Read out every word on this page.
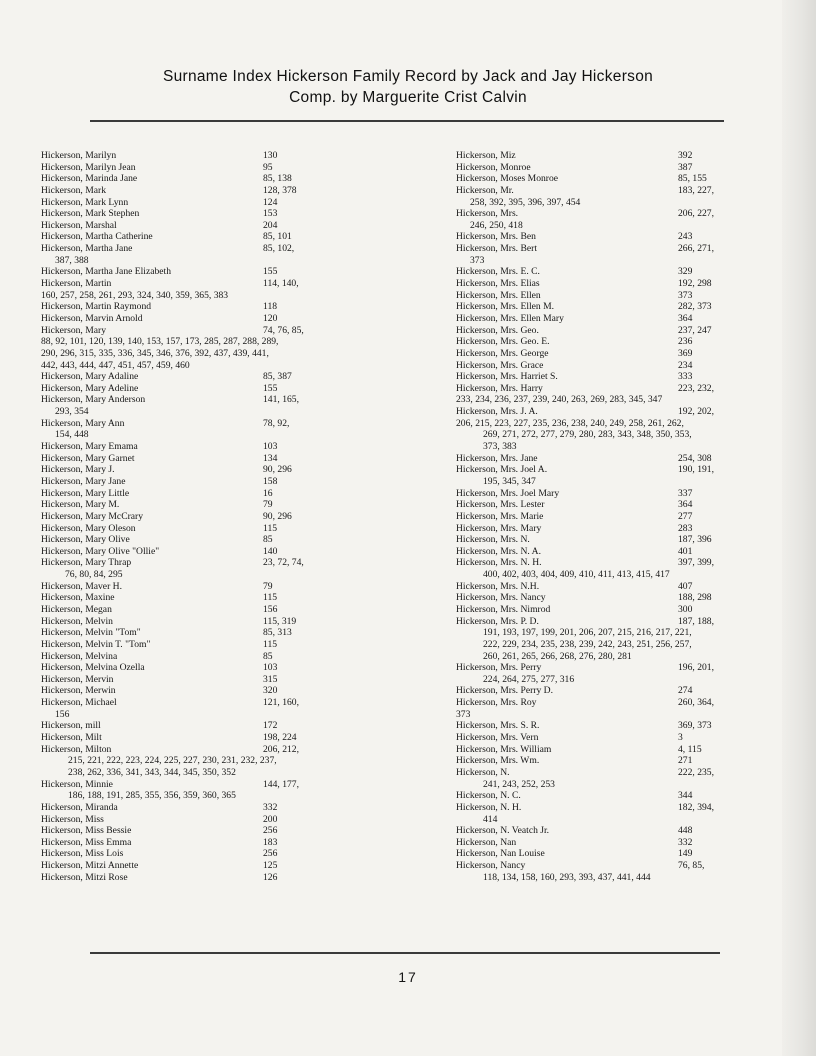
Surname Index Hickerson Family Record by Jack and Jay Hickerson
Comp. by Marguerite Crist Calvin
Hickerson, Marilyn	130
Hickerson, Marilyn Jean	95
Hickerson, Marinda Jane	85, 138
Hickerson, Mark	128, 378
Hickerson, Mark Lynn	124
Hickerson, Mark Stephen	153
Hickerson, Marshal	204
Hickerson, Martha Catherine	85, 101
Hickerson, Martha Jane	85, 102,
387, 388
Hickerson, Martha Jane Elizabeth	155
Hickerson, Martin	114, 140,
160, 257, 258, 261, 293, 324, 340, 359, 365, 383
Hickerson, Martin Raymond	118
Hickerson, Marvin Arnold	120
Hickerson, Mary	74, 76, 85,
88, 92, 101, 120, 139, 140, 153, 157, 173, 285, 287, 288, 289,
290, 296, 315, 335, 336, 345, 346, 376, 392, 437, 439, 441,
442, 443, 444, 447, 451, 457, 459, 460
Hickerson, Mary Adaline	85, 387
Hickerson, Mary Adeline	155
Hickerson, Mary Anderson	141, 165,
293, 354
Hickerson, Mary Ann	78, 92,
154, 448
Hickerson, Mary Emama	103
Hickerson, Mary Garnet	134
Hickerson, Mary J.	90, 296
Hickerson, Mary Jane	158
Hickerson, Mary Little	16
Hickerson, Mary M.	79
Hickerson, Mary McCrary	90, 296
Hickerson, Mary Oleson	115
Hickerson, Mary Olive	85
Hickerson, Mary Olive "Ollie"	140
Hickerson, Mary Thrap	23, 72, 74,
76, 80, 84, 295
Hickerson, Maver H.	79
Hickerson, Maxine	115
Hickerson, Megan	156
Hickerson, Melvin	115, 319
Hickerson, Melvin "Tom"	85, 313
Hickerson, Melvin T. "Tom"	115
Hickerson, Melvina	85
Hickerson, Melvina Ozella	103
Hickerson, Mervin	315
Hickerson, Merwin	320
Hickerson, Michael	121, 160,
156
Hickerson, mill	172
Hickerson, Milt	198, 224
Hickerson, Milton	206, 212,
215, 221, 222, 223, 224, 225, 227, 230, 231, 232, 237,
238, 262, 336, 341, 343, 344, 345, 350, 352
Hickerson, Minnie	144, 177,
186, 188, 191, 285, 355, 356, 359, 360, 365
Hickerson, Miranda	332
Hickerson, Miss	200
Hickerson, Miss Bessie	256
Hickerson, Miss Emma	183
Hickerson, Miss Lois	256
Hickerson, Mitzi Annette	125
Hickerson, Mitzi Rose	126
Hickerson, Miz	392
Hickerson, Monroe	387
Hickerson, Moses Monroe	85, 155
Hickerson, Mr.	183, 227,
258, 392, 395, 396, 397, 454
Hickerson, Mrs.	206, 227,
246, 250, 418
Hickerson, Mrs. Ben	243
Hickerson, Mrs. Bert	266, 271,
373
Hickerson, Mrs. E. C.	329
Hickerson, Mrs. Elias	192, 298
Hickerson, Mrs. Ellen	373
Hickerson, Mrs. Ellen M.	282, 373
Hickerson, Mrs. Ellen Mary	364
Hickerson, Mrs. Geo.	237, 247
Hickerson, Mrs. Geo. E.	236
Hickerson, Mrs. George	369
Hickerson, Mrs. Grace	234
Hickerson, Mrs. Harriet S.	333
Hickerson, Mrs. Harry	223, 232,
233, 234, 236, 237, 239, 240, 263, 269, 283, 345, 347
Hickerson, Mrs. J. A.	192, 202,
206, 215, 223, 227, 235, 236, 238, 240, 249, 258, 261, 262,
269, 271, 272, 277, 279, 280, 283, 343, 348, 350, 353,
373, 383
Hickerson, Mrs. Jane	254, 308
Hickerson, Mrs. Joel A.	190, 191,
195, 345, 347
Hickerson, Mrs. Joel Mary	337
Hickerson, Mrs. Lester	364
Hickerson, Mrs. Marie	277
Hickerson, Mrs. Mary	283
Hickerson, Mrs. N.	187, 396
Hickerson, Mrs. N. A.	401
Hickerson, Mrs. N. H.	397, 399,
400, 402, 403, 404, 409, 410, 411, 413, 415, 417
Hickerson, Mrs. N.H.	407
Hickerson, Mrs. Nancy	188, 298
Hickerson, Mrs. Nimrod	300
Hickerson, Mrs. P. D.	187, 188,
191, 193, 197, 199, 201, 206, 207, 215, 216, 217, 221,
222, 229, 234, 235, 238, 239, 242, 243, 251, 256, 257,
260, 261, 265, 266, 268, 276, 280, 281
Hickerson, Mrs. Perry	196, 201,
224, 264, 275, 277, 316
Hickerson, Mrs. Perry D.	274
Hickerson, Mrs. Roy	260, 364,
373
Hickerson, Mrs. S. R.	369, 373
Hickerson, Mrs. Vern	3
Hickerson, Mrs. William	4, 115
Hickerson, Mrs. Wm.	271
Hickerson, N.	222, 235,
241, 243, 252, 253
Hickerson, N. C.	344
Hickerson, N. H.	182, 394,
414
Hickerson, N. Veatch Jr.	448
Hickerson, Nan	332
Hickerson, Nan Louise	149
Hickerson, Nancy	76, 85,
118, 134, 158, 160, 293, 393, 437, 441, 444
17
